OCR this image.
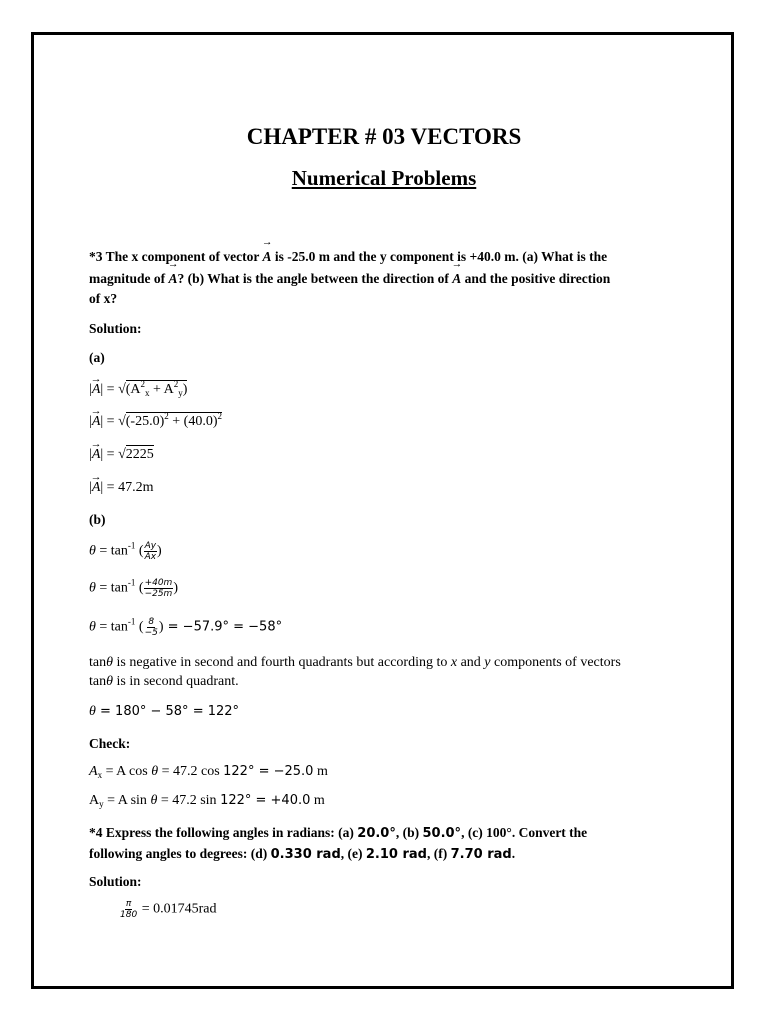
CHAPTER # 03 VECTORS
Numerical Problems
*3 The x component of vector → A is -25.0 m and the y component is +40.0 m. (a) What is the
magnitude of → A? (b) What is the angle between the direction of → A and the positive direction
of x?
Solution:
(a)
|→ $A| = √(A^2_x + A^2_y)$
|→ $A| = √(-25.0)^2 + (40.0)^2$
|→ A| = √2225
|→ A| = 47.2m
(b)
$\theta = \tan^{-1}$ ( $\frac{Ay}{Ax}$ )
$\theta = \tan^{-1}$ ( $\frac{+40m}{-25m}$ )
$\theta = \tan^{-1}$ ( $\frac{8}{-5}$ ) = −57.9° = −58°
tanθ is negative in second and fourth quadrants but according to x and y components of vectors
tanθ is in second quadrant.
θ = 180° − 58° = 122°
Check:
$A_x = A$ cos θ = 47.2 cos 122° = −25.0 m
$A_y = A$ sin θ = 47.2 sin 122° = +40.0 m
*4 Express the following angles in radians: (a) 20.0°, (b) 50.0°, (c) 100°. Convert the
following angles to degrees: (d) 0.330 rad, (e) 2.10 rad, (f) 7.70 rad.
Solution:
$\frac{\pi}{180} = 0.01745rad$
